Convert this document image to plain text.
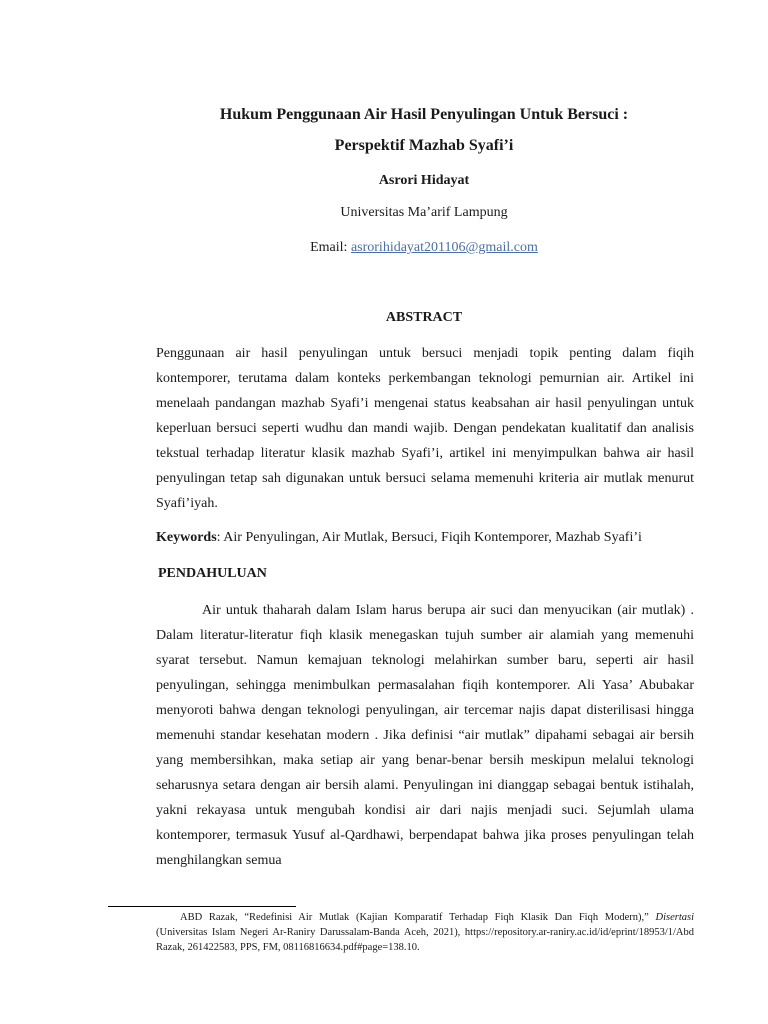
Hukum Penggunaan Air Hasil Penyulingan Untuk Bersuci :
Perspektif Mazhab Syafi’i
Asrori Hidayat
Universitas Ma’arif Lampung
Email: asrorihidayat201106@gmail.com
ABSTRACT

Penggunaan air hasil penyulingan untuk bersuci menjadi topik penting dalam fiqih kontemporer, terutama dalam konteks perkembangan teknologi pemurnian air. Artikel ini menelaah pandangan mazhab Syafi’i mengenai status keabsahan air hasil penyulingan untuk keperluan bersuci seperti wudhu dan mandi wajib. Dengan pendekatan kualitatif dan analisis tekstual terhadap literatur klasik mazhab Syafi’i, artikel ini menyimpulkan bahwa air hasil penyulingan tetap sah digunakan untuk bersuci selama memenuhi kriteria air mutlak menurut Syafi’iyah.

Keywords: Air Penyulingan, Air Mutlak, Bersuci, Fiqih Kontemporer, Mazhab Syafi’i

PENDAHULUAN

Air untuk thaharah dalam Islam harus berupa air suci dan menyucikan (air mutlak) . Dalam literatur-literatur fiqh klasik menegaskan tujuh sumber air alamiah yang memenuhi syarat tersebut. Namun kemajuan teknologi melahirkan sumber baru, seperti air hasil penyulingan, sehingga menimbulkan permasalahan fiqih kontemporer. Ali Yasa’ Abubakar menyoroti bahwa dengan teknologi penyulingan, air tercemar najis dapat disterilisasi hingga memenuhi standar kesehatan modern . Jika definisi “air mutlak” dipahami sebagai air bersih yang membersihkan, maka setiap air yang benar-benar bersih meskipun melalui teknologi seharusnya setara dengan air bersih alami. Penyulingan ini dianggap sebagai bentuk istihalah, yakni rekayasa untuk mengubah kondisi air dari najis menjadi suci. Sejumlah ulama kontemporer, termasuk Yusuf al-Qardhawi, berpendapat bahwa jika proses penyulingan telah menghilangkan semua

ABD Razak, “Redefinisi Air Mutlak (Kajian Komparatif Terhadap Fiqh Klasik Dan Fiqh Modern),” Disertasi (Universitas Islam Negeri Ar-Raniry Darussalam-Banda Aceh, 2021), https://repository.ar-raniry.ac.id/id/eprint/18953/1/Abd Razak, 261422583, PPS, FM, 08116816634.pdf#page=138.10.
